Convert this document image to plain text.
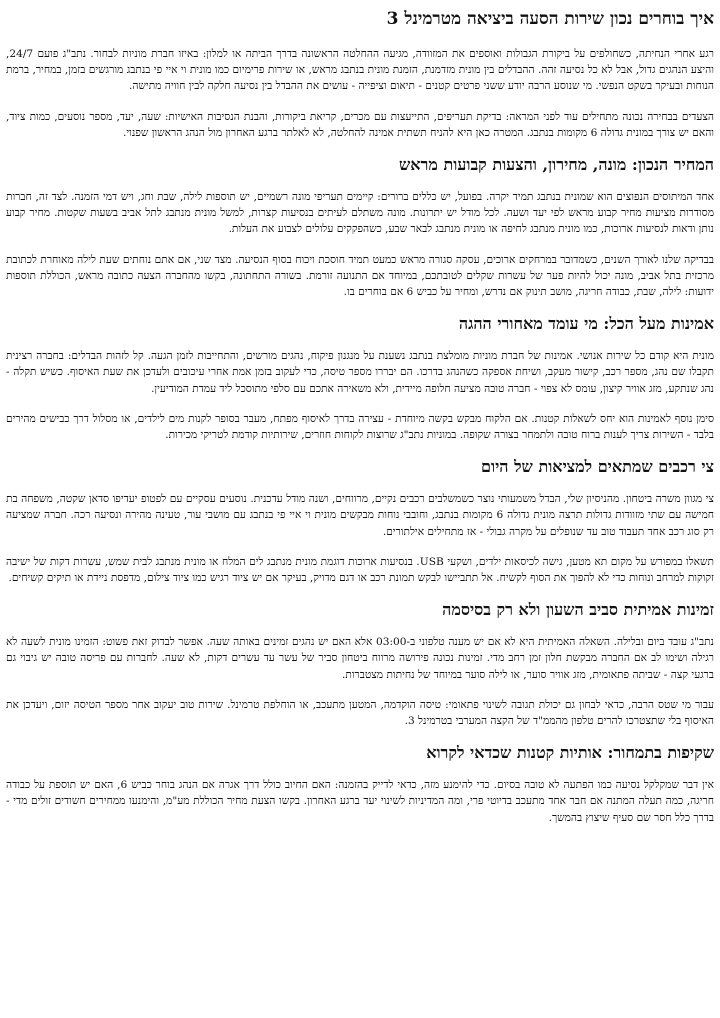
איך בוחרים נכון שירות הסעה ביציאה מטרמינל 3

רגע אחרי הנחיתה, כשחולפים על ביקורת הגבולות ואוספים את המזוודה, מגיעה ההחלטה הראשונה בדרך הביתה או למלון: באיזו חברת מוניות לבחור. נתב"ג פועם 24/7, והיצע הנהגים גדול, אבל לא כל נסיעה זהה. ההבדלים בין מונית מזדמנת, הזמנת מונית בנתבג מראש, או שירות פרימיום כמו מונית וי איי פי בנתבג מורגשים בזמן, במחיר, ברמת הנוחות ובעיקר בשקט הנפשי. מי שנוסע הרבה יודע ששני פרטים קטנים - תיאום וציפייה - עושים את ההבדל בין נסיעה חלקה לבין חוויה מתישה.

הצעדים בבחירה נכונה מתחילים עוד לפני המראה: בדיקת תעריפים, התייעצות עם מכרים, קריאת ביקורות, והבנת הנסיבות האישיות: שעה, יעד, מספר נוסעים, כמות ציוד, והאם יש צורך במונית גדולה 6 מקומות בנתבג. המטרה כאן היא להניח תשתית אמינה להחלטה, לא לאלתר ברגע האחרון מול הנהג הראשון שפנוי.

המחיר הנכון: מונה, מחירון, והצעות קבועות מראש

אחד המיתוסים הנפוצים הוא שמונית בנתבג תמיד יקרה. בפועל, יש כללים ברורים: קיימים תעריפי מונה רשמיים, יש תוספות לילה, שבת וחג, ויש דמי הזמנה. לצד זה, חברות מסודרות מציעות מחיר קבוע מראש לפי יעד ושעה. לכל מודל יש יתרונות. מונה משתלם לעיתים בנסיעות קצרות, למשל מונית מנתבג לתל אביב בשעות שקטות. מחיר קבוע נותן ודאות לנסיעות ארוכות, כמו מונית מנתבג לחיפה או מונית מנתבג לבאר שבע, כשהפקקים עלולים לצבוע את העלות.

בבדיקה שלנו לאורך השנים, כשמדובר במרחקים ארוכים, עסקה סגורה מראש כמעט תמיד חוסכת ויכוח בסוף הנסיעה. מצד שני, אם אתם נוחתים שעת לילה מאוחרת לכתובת מרכזית בתל אביב, מונה יכול להיות פער של עשרות שקלים לטובתכם, במיוחד אם התנועה זורמת. בשורה התחתונה, בקשו מהחברה הצעה כתובה מראש, הכוללת תוספות ידועות: לילה, שבת, כבודה חריגה, מושב תינוק אם נדרש, ומחיר על כביש 6 אם בוחרים בו.

אמינות מעל הכל: מי עומד מאחורי ההגה

מונית היא קודם כל שירות אנושי. אמינות של חברת מוניות מומלצת בנתבג נשענת על מנגנון פיקוח, נהגים מורשים, והתחייבות לזמן הגעה. קל לזהות הבדלים: בחברה רצינית תקבלו שם נהג, מספר רכב, קישור מעקב, ושיחת אספקה כשהנהג בדרכו. הם יבררו מספר טיסה, כדי לעקוב בזמן אמת אחרי עיכובים ולעדכן את שעת האיסוף. כשיש תקלה - נהג שנתקע, מזג אוויר קיצון, עומס לא צפוי - חברה טובה מציעה חלופה מיידית, ולא משאירה אתכם עם סלפי מתוסכל ליד עמדת המודיעין.

סימן נוסף לאמינות הוא יחס לשאלות קטנות. אם הלקוח מבקש בקשה מיוחדת - עצירה בדרך לאיסוף מפתח, מעבר בסופר לקנות מים לילדים, או מסלול דרך כבישים מהירים בלבד - השירות צריך לענות ברוח טובה ולתמחר בצורה שקופה. במוניות נתב"ג שרוצות לקוחות חוזרים, שירותיות קודמת לטריקי מכירות.

צי רכבים שמתאים למציאות של היום

צי מגוון משרה ביטחון. מהניסיון שלי, הבדל משמעותי נוצר כשמשלבים רכבים נקיים, מרווחים, ושנה מודל עדכנית. נוסעים עסקיים עם לפטופ יעדיפו סדאן שקטה, משפחה בת חמישה עם שתי מזוודות גדולות תרצה מונית גדולה 6 מקומות בנתבג, וחובבי נוחות מבקשים מונית וי איי פי בנתבג עם מושבי עור, טעינה מהירה ונסיעה רכה. חברה שמציעה רק סוג רכב אחד תעבוד טוב עד שנופלים על מקרה גבולי - אז מתחילים אילתורים.

תשאלו במפורש על מקום תא מטען, גישה לכיסאות ילדים, ושקעי USB. בנסיעות ארוכות דוגמת מונית מנתבג לים המלח או מונית מנתבג לבית שמש, עשרות דקות של ישיבה זקוקות למרחב ונוחות כדי לא להפוך את הסוף לקשיח. אל תתביישו לבקש תמונת רכב או דגם מדויק, בעיקר אם יש ציוד רגיש כמו ציוד צילום, מדפסת ניידת או תיקים קשיחים.

זמינות אמיתית סביב השעון ולא רק בסיסמה

נתב"ג עובד ביום ובלילה. השאלה האמיתית היא לא אם יש מענה טלפוני ב-03:00 אלא האם יש נהגים זמינים באותה שעה. אפשר לבדוק זאת פשוט: הזמינו מונית לשעה לא רגילה ושימו לב אם החברה מבקשת חלון זמן רחב מדי. זמינות נכונה פירושה מרווח ביטחון סביר של עשר עד עשרים דקות, לא שעה. לחברות עם פריסה טובה יש גיבוי גם ברגעי קצה - שביתה פתאומית, מזג אוויר סוער, או לילה סוער במיוחד של נחיתות מצטברות.

עבור מי שטס הרבה, כדאי לבחון גם יכולת תגובה לשינוי פתאומי: טיסה הוקדמה, המטען מתעכב, או הוחלפת טרמינל. שירות טוב יעקוב אחר מספר הטיסה יזום, ויעדכן את האיסוף בלי שתצטרכו להרים טלפון מהממ"ד של הקצה המערבי בטרמינל 3.

שקיפות בתמחור: אותיות קטנות שכדאי לקרוא

אין דבר שמקלקל נסיעה כמו הפתעה לא טובה בסיום. כדי להימנע מזה, כדאי לדייק בהזמנה: האם החיוב כולל דרך אגרה אם הנהג בוחר כביש 6, האם יש תוספת על כבודה חריגה, כמה תעלה המתנה אם חבר אחד מתעכב בדיוטי פרי, ומה המדיניות לשינוי יעד ברגע האחרון. בקשו הצעת מחיר הכוללת מע"מ, והימנעו ממחירים חשודים זולים מדי - בדרך כלל חסר שם סעיף שיצוץ בהמשך.
